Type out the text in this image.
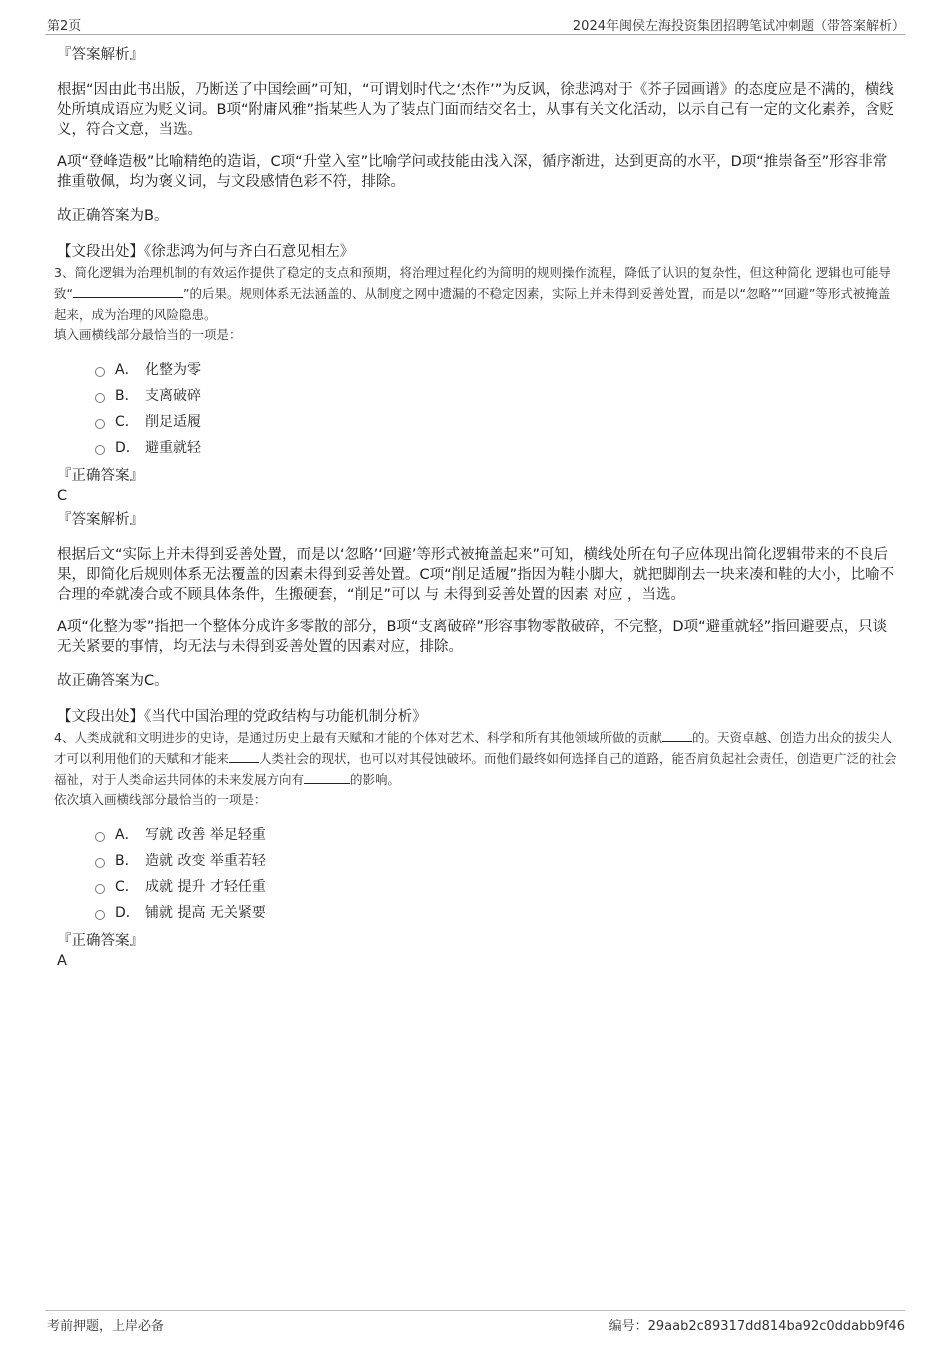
第2页	2024年闽侯左海投资集团招聘笔试冲刺题（带答案解析）
『答案解析』

根据“因由此书出版，乃断送了中国绘画”可知，“可谓划时代之‘杰作’”为反讽，徐悲鸿对于《芥子园画谱》的态度应是不满的，横线处所填成语应为贬义词。B项“附庸风雅”指某些人为了装点门面而结交名士，从事有关文化活动，以示自己有一定的文化素养，含贬义，符合文意，当选。

A项“登峰造极”比喻精绝的造诣，C项“升堂入室”比喻学问或技能由浅入深，循序渐进，达到更高的水平，D项“推崇备至”形容非常推重敬佩，均为褒义词，与文段感情色彩不符，排除。

故正确答案为B。

【文段出处】《徐悲鸿为何与齐白石意见相左》

3、简化逻辑为治理机制的有效运作提供了稳定的支点和预期，将治理过程化约为简明的规则操作流程，降低了认识的复杂性，但这种简化 逻辑也可能导致“	”的后果。规则体系无法涵盖的、从制度之网中遗漏的不稳定因素，实际上并未得到妥善处置，而是以“忽略”“回避”等形式被掩盖起来，成为治理的风险隐患。

填入画横线部分最恰当的一项是：

A． 化整为零
B． 支离破碎
C． 削足适履
D． 避重就轻
『正确答案』
C
『答案解析』

根据后文“实际上并未得到妥善处置，而是以‘忽略’‘回避’等形式被掩盖起来”可知，横线处所在句子应体现出简化逻辑带来的不良后果，即简化后规则体系无法覆盖的因素未得到妥善处置。C项“削足适履”指因为鞋小脚大，就把脚削去一块来凑和鞋的大小，比喻不合理的牵就凑合或不顾具体条件，生搬硬套，“削足”可以 与 未得到妥善处置的因素 对应 ，当选。

A项“化整为零”指把一个整体分成许多零散的部分，B项“支离破碎”形容事物零散破碎，不完整，D项“避重就轻”指回避要点，只谈无关紧要的事情，均无法与未得到妥善处置的因素对应，排除。

故正确答案为C。

【文段出处】《当代中国治理的党政结构与功能机制分析》

4、人类成就和文明进步的史诗，是通过历史上最有天赋和才能的个体对艺术、科学和所有其他领域所做的贡献 的。天资卓越、创造力出众的拔尖人才可以利用他们的天赋和才能来 人类社会的现状，也可以对其侵蚀破坏。而他们最终如何选择自己的道路，能否肩负起社会责任，创造更广泛的社会福祉，对于人类命运共同体的未来发展方向有	的影响。

依次填入画横线部分最恰当的一项是：

A． 写就 改善 举足轻重
B． 造就 改变 举重若轻
C． 成就 提升 才轻任重
D． 铺就 提高 无关紧要
『正确答案』
A
考前押题，上岸必备	编号：29aab2c89317dd814ba92c0ddabb9f46
